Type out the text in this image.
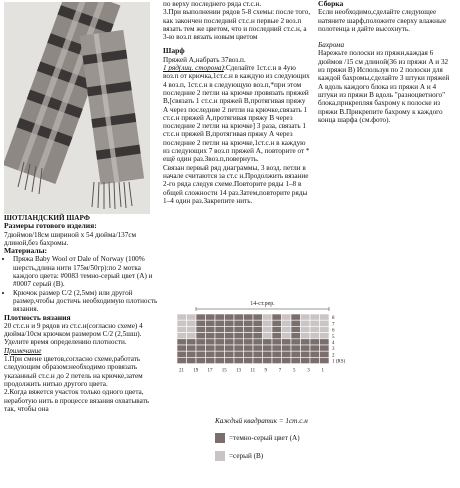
ШОТЛАНДСКИЙ ШАРФ

Размеры готового изделия:

7дюймов/18см шириной x 54 дюйма/137см длиной,без бахромы.

Материалы:

• Пряжа Baby Wool от Dale of Norway (100% шерсть,длина нити 175м/50гр):по 2 мотка каждого цвета: #0083 темно-серый цвет (А) и #0007 серый (В).
• Крючок размер С/2 (2,5мм) или другой размер,чтобы достичь необходимую плотность вязания.

Плотность вязания

20 ст.с.н и 9 рядов из ст.с.н(согласно схеме) 4 дюйма/10см крючком размером С/2 (2,5шш).

Уделите время определению плотности.

Примечание

1.При смене цветов,согласно схеме,работать следующим образом:необходимо провязать указанный ст.с.н до 2 петель на крючке,затем продолжить нитью другого цвета.

2.Когда вяжется участок только одного цвета, неработую нить в процессе вязания охватывать так, чтобы она

по верху последнего ряда ст.с.н.

3.При выполнении рядов 5-8 схемы: после того, как закончен последний ст.с.н первые 2 воз.п вязать тем же цветом, что и последний ст.с.н, а 3-ю воз.п вязать новым цветом

Шарф

Пряжей А,набрать 37воз.п.

1 ряд(лиц. сторона):Сделайте 1ст.с.н в 4ую воз.п от крючка,1ст.с.н в каждую из следующих 4 воз.п, 1ст.с.н в следующую воз.п,*при этом последние 2 петли на крючке провязать пряжей В,[связать 1 ст.с.н пряжей В,протягивая пряжу А через последние 2 петли на крючке,связать 1 ст.с.н пряжей А,протягивая пряжу В через последние 2 петли на крючке] 3 раза, связать 1 ст.с.н пряжей В,протягивая пряжу А через последние 2 петли на крючке,1ст.с.н в каждую из следующих 7 воз.п пряжей А, повторите от * ещё один раз.Звоз.п,повернуть.

Связан первый ряд диаграммы, 3 возд. петли в начале считаются за ст.с н.Продолжить вязание 2-го ряда следуя схеме.Повторите ряды 1–8 в общей сложности 14 раз.Затем,повторите ряды 1–4 один раз.Закрепите нить.

Сборка

Если необходимо,сделайте следующее натяните шарф,положите сверху влажные полотенца и дайте высохнуть.

Бахрома

Нарежьте полоски из пряжи,каждая 6 дюймов /15 см длиной(36 из пряжи А и 32 из пряжи В) Используя по 2 полоски для каждой бахромы,сделайте 3 штуки пряжей А вдоль каждого блока из пряжи А и 4 штуки из пряжи В вдоль "разноцветного" блока,прикрепляя бахрому к полоске из пряжи В.Прикрепите бахрому к каждого конца шарфа (см.фото).

14-ст.рер.
8
7
6
5
4
3
2
1 (RS)
21 19 17 15 13 11 9 7 5 3 1
Каждый квадратик = 1ст.с.н
=темно-серый цвет (А)
=серый (В)
